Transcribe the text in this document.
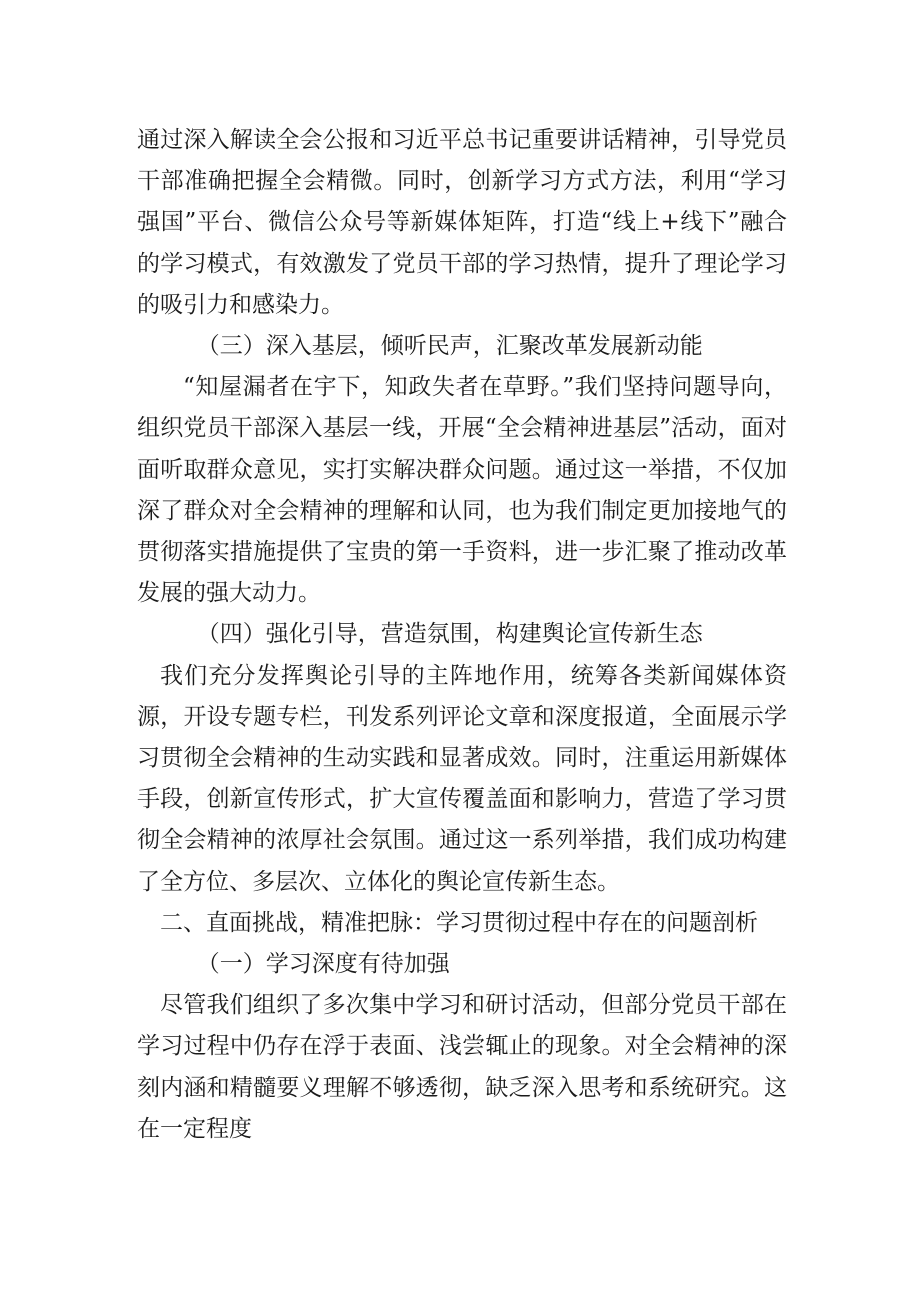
通过深入解读全会公报和习近平总书记重要讲话精神，引导党员干部准确把握全会精微。同时，创新学习方式方法，利用“学习强国”平台、微信公众号等新媒体矩阵，打造“线上+线下”融合的学习模式，有效激发了党员干部的学习热情，提升了理论学习的吸引力和感染力。

（三）深入基层，倾听民声，汇聚改革发展新动能

“知屋漏者在宇下，知政失者在草野。”我们坚持问题导向，组织党员干部深入基层一线，开展“全会精神进基层”活动，面对面听取群众意见，实打实解决群众问题。通过这一举措，不仅加深了群众对全会精神的理解和认同，也为我们制定更加接地气的贯彻落实措施提供了宝贵的第一手资料，进一步汇聚了推动改革发展的强大动力。

（四）强化引导，营造氛围，构建舆论宣传新生态

我们充分发挥舆论引导的主阵地作用，统筹各类新闻媒体资源，开设专题专栏，刊发系列评论文章和深度报道，全面展示学习贯彻全会精神的生动实践和显著成效。同时，注重运用新媒体手段，创新宣传形式，扩大宣传覆盖面和影响力，营造了学习贯彻全会精神的浓厚社会氛围。通过这一系列举措，我们成功构建了全方位、多层次、立体化的舆论宣传新生态。

二、直面挑战，精准把脉：学习贯彻过程中存在的问题剖析

（一）学习深度有待加强

尽管我们组织了多次集中学习和研讨活动，但部分党员干部在学习过程中仍存在浮于表面、浅尝辄止的现象。对全会精神的深刻内涵和精髓要义理解不够透彻，缺乏深入思考和系统研究。这在一定程度
